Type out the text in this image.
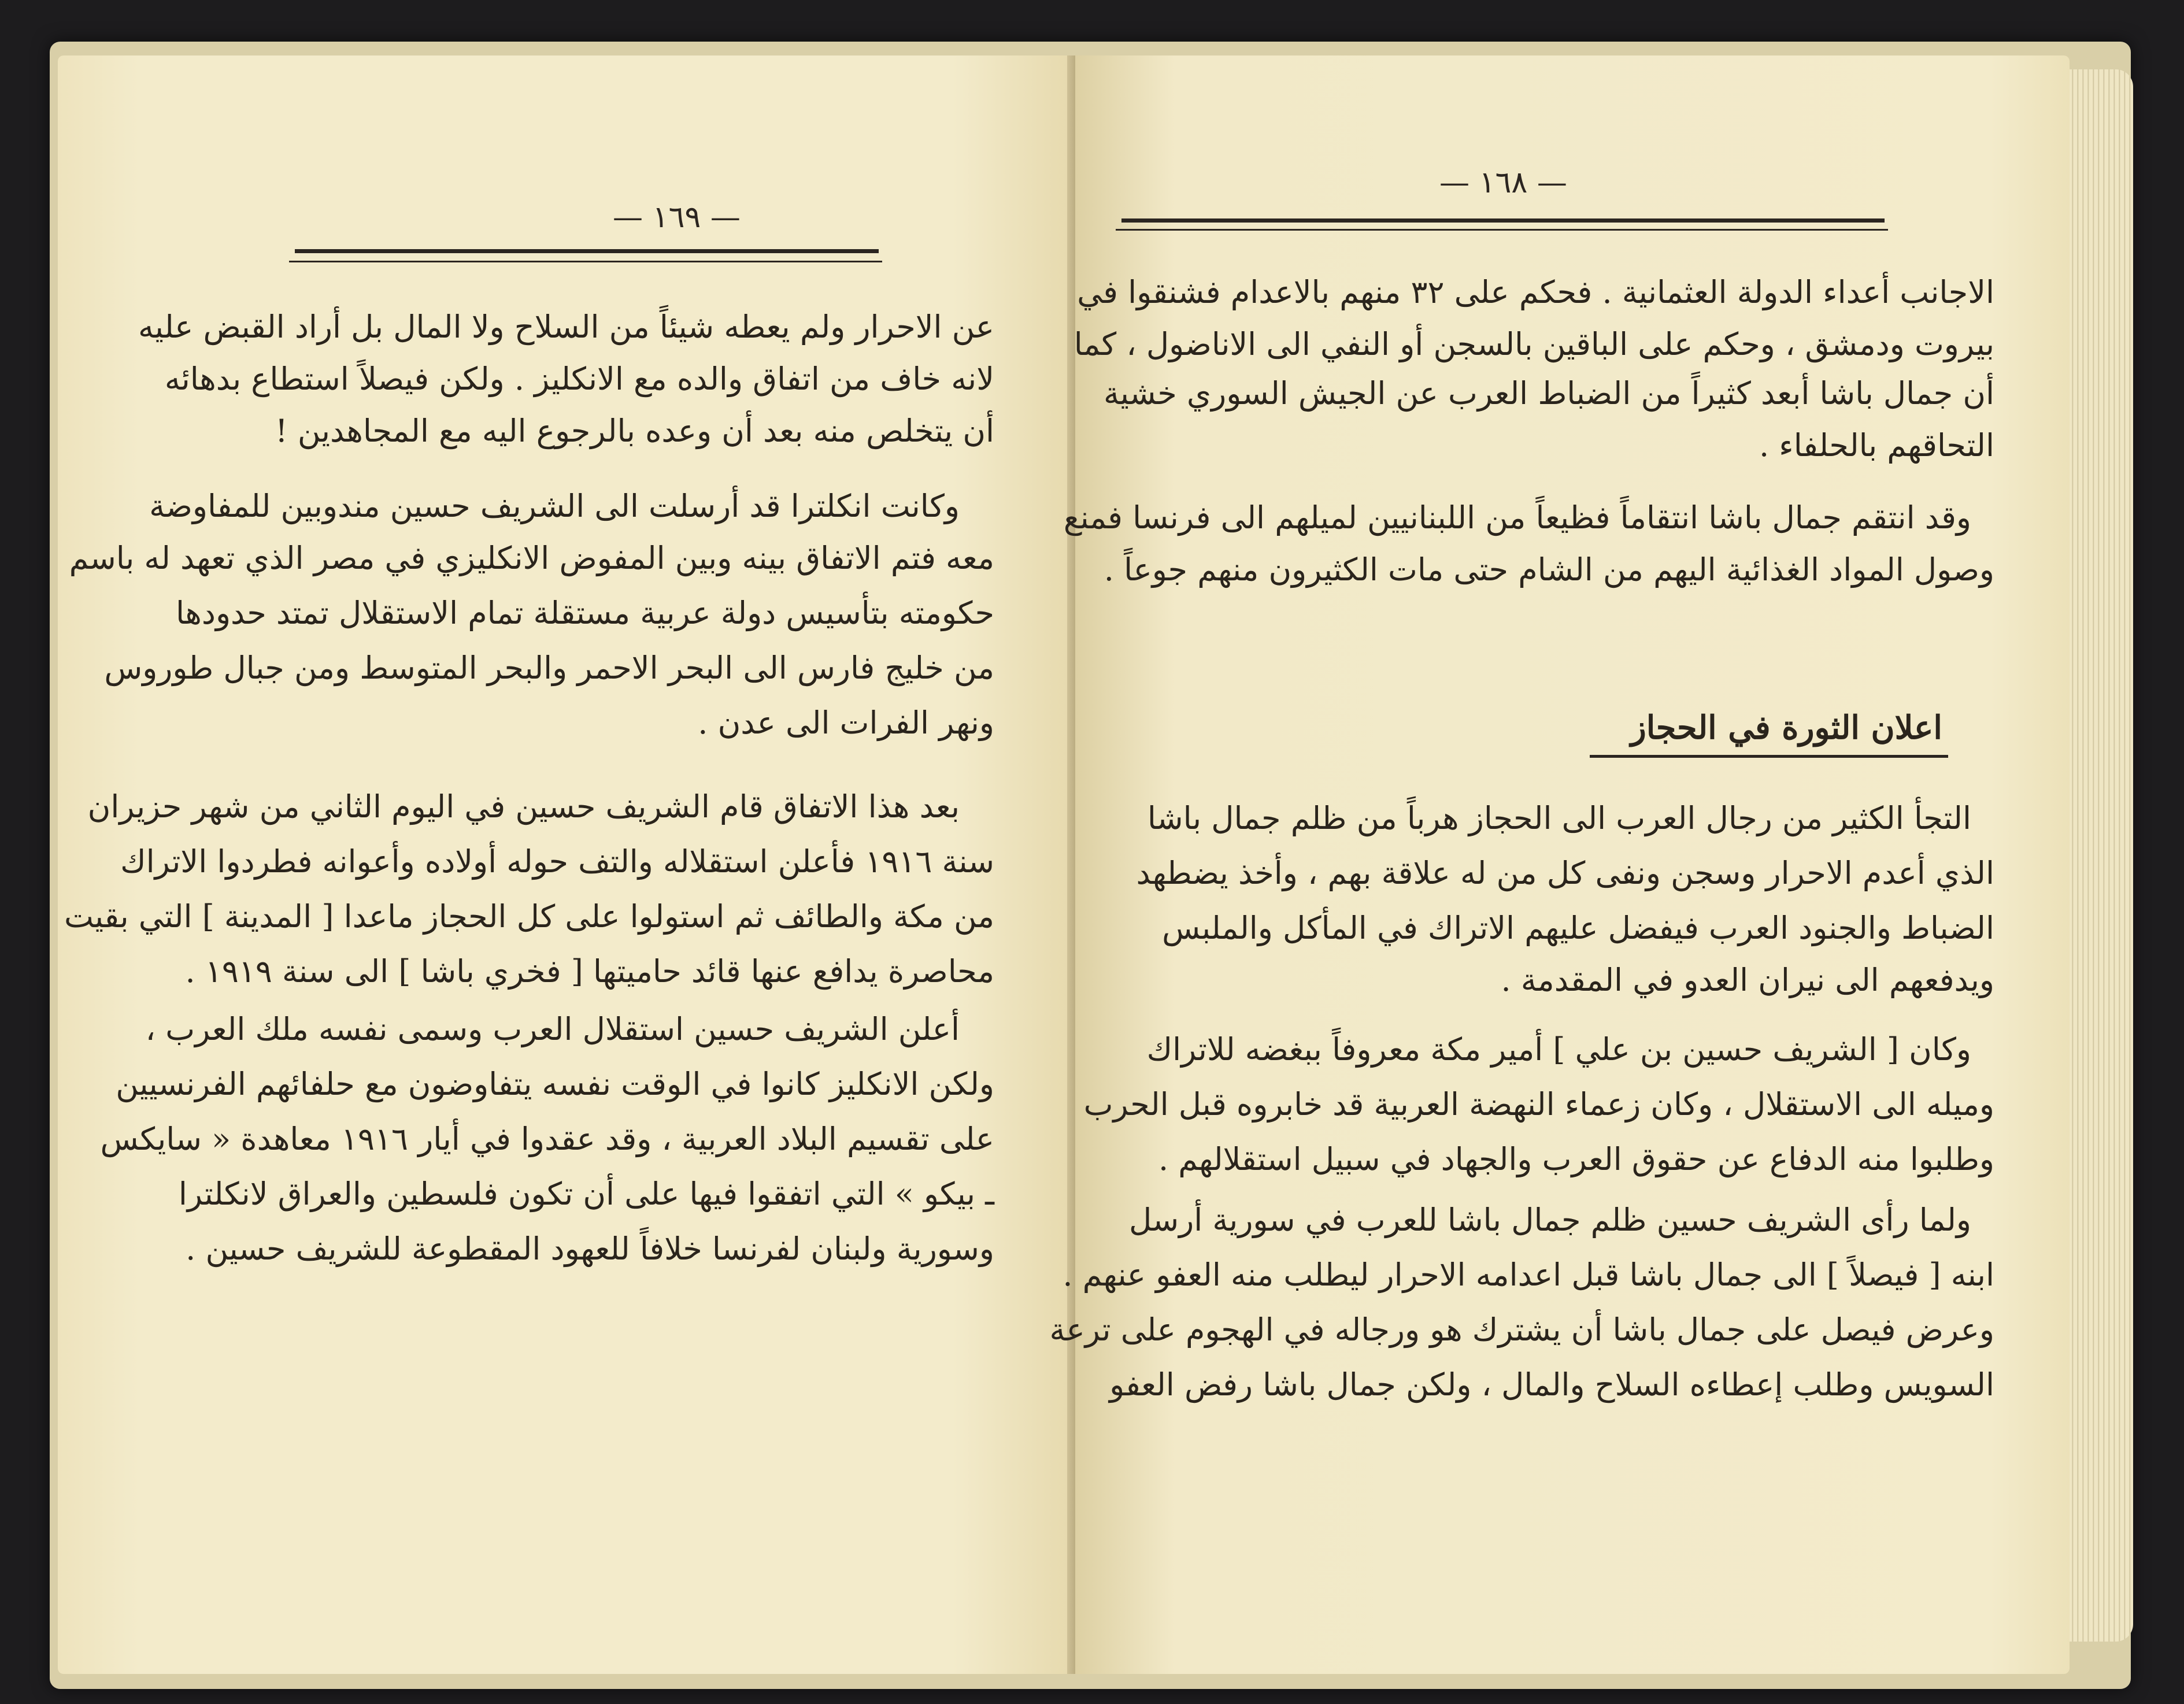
— ١٦٩ —
عن الاحرار ولم يعطه شيئاً من السلاح ولا المال بل أراد القبض عليه
لانه خاف من اتفاق والده مع الانكليز . ولكن فيصلاً استطاع بدهائه
أن يتخلص منه بعد أن وعده بالرجوع اليه مع المجاهدين !
وكانت انكلترا قد أرسلت الى الشريف حسين مندوبين للمفاوضة
معه فتم الاتفاق بينه وبين المفوض الانكليزي في مصر الذي تعهد له باسم
حكومته بتأسيس دولة عربية مستقلة تمام الاستقلال تمتد حدودها
من خليج فارس الى البحر الاحمر والبحر المتوسط ومن جبال طوروس
ونهر الفرات الى عدن .
بعد هذا الاتفاق قام الشريف حسين في اليوم الثاني من شهر حزيران
سنة ١٩١٦ فأعلن استقلاله والتف حوله أولاده وأعوانه فطردوا الاتراك
من مكة والطائف ثم استولوا على كل الحجاز ماعدا [ المدينة ] التي بقيت
محاصرة يدافع عنها قائد حاميتها [ فخري باشا ] الى سنة ١٩١٩ .
أعلن الشريف حسين استقلال العرب وسمى نفسه ملك العرب ،
ولكن الانكليز كانوا في الوقت نفسه يتفاوضون مع حلفائهم الفرنسيين
على تقسيم البلاد العربية ، وقد عقدوا في أيار ١٩١٦ معاهدة « سايكس
ـ بيكو » التي اتفقوا فيها على أن تكون فلسطين والعراق لانكلترا
وسورية ولبنان لفرنسا خلافاً للعهود المقطوعة للشريف حسين .
— ١٦٨ —
الاجانب أعداء الدولة العثمانية . فحكم على ٣٢ منهم بالاعدام فشنقوا في
بيروت ودمشق ، وحكم على الباقين بالسجن أو النفي الى الاناضول ، كما
أن جمال باشا أبعد كثيراً من الضباط العرب عن الجيش السوري خشية
التحاقهم بالحلفاء .
وقد انتقم جمال باشا انتقاماً فظيعاً من اللبنانيين لميلهم الى فرنسا فمنع
وصول المواد الغذائية اليهم من الشام حتى مات الكثيرون منهم جوعاً .
اعلان الثورة في الحجاز
التجأ الكثير من رجال العرب الى الحجاز هرباً من ظلم جمال باشا
الذي أعدم الاحرار وسجن ونفى كل من له علاقة بهم ، وأخذ يضطهد
الضباط والجنود العرب فيفضل عليهم الاتراك في المأكل والملبس
ويدفعهم الى نيران العدو في المقدمة .
وكان [ الشريف حسين بن علي ] أمير مكة معروفاً ببغضه للاتراك
وميله الى الاستقلال ، وكان زعماء النهضة العربية قد خابروه قبل الحرب
وطلبوا منه الدفاع عن حقوق العرب والجهاد في سبيل استقلالهم .
ولما رأى الشريف حسين ظلم جمال باشا للعرب في سورية أرسل
ابنه [ فيصلاً ] الى جمال باشا قبل اعدامه الاحرار ليطلب منه العفو عنهم .
وعرض فيصل على جمال باشا أن يشترك هو ورجاله في الهجوم على ترعة
السويس وطلب إعطاءه السلاح والمال ، ولكن جمال باشا رفض العفو
